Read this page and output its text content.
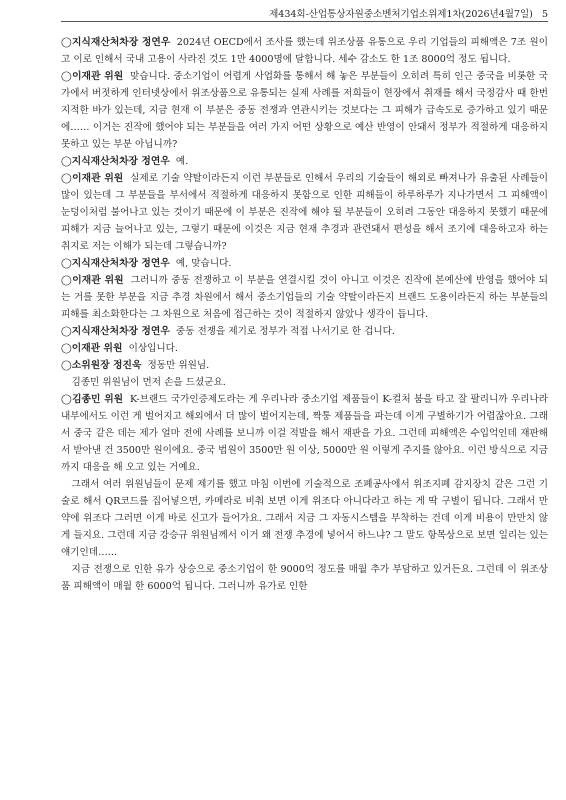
제434회-산업통상자원중소벤처기업소위제1차(2026년4월7일) 5

◯지식재산처차장 정연우 2024년 OECD에서 조사를 했는데 위조상품 유통으로 우리 기업들의 피해액은 7조 원이고 이로 인해서 국내 고용이 사라진 것도 1만 4000명에 달합니다. 세수 감소도 한 1조 8000억 정도 됩니다.

◯이재관 위원 맞습니다. 중소기업이 어렵게 사업화를 통해서 해 놓은 부분들이 오히려 특히 인근 중국을 비롯한 국가에서 버젓하게 인터넷상에서 위조상품으로 유통되는 실제 사례를 저희들이 현장에서 취재를 해서 국정감사 때 한번 지적한 바가 있는데, 지금 현재 이 부분은 중동 전쟁과 연관시키는 것보다는 그 피해가 급속도로 증가하고 있기 때문에…… 이거는 진작에 했어야 되는 부분들을 여러 가지 어떤 상황으로 예산 반영이 안돼서 정부가 적절하게 대응하지 못하고 있는 부분 아닙니까?

◯지식재산처차장 정연우 예.

◯이재관 위원 실제로 기술 약탈이라든지 이런 부분들로 인해서 우리의 기술들이 해외로 빠져나가 유출된 사례들이 많이 있는데 그 부분들을 부서에서 적절하게 대응하지 못함으로 인한 피해들이 하루하루가 지나가면서 그 피해액이 눈덩이처럼 불어나고 있는 것이기 때문에 이 부분은 진작에 해야 될 부분들이 오히려 그동안 대응하지 못했기 때문에 피해가 지금 늘어나고 있는, 그렇기 때문에 이것은 지금 현재 추경과 관련돼서 편성을 해서 조기에 대응하고자 하는 취지로 저는 이해가 되는데 그렇습니까?

◯지식재산처차장 정연우 예, 맞습니다.

◯이재관 위원 그러니까 중동 전쟁하고 이 부분을 연결시킬 것이 아니고 이것은 진작에 본예산에 반영을 했어야 되는 거를 못한 부분을 지금 추경 차원에서 해서 중소기업들의 기술 약탈이라든지 브랜드 도용이라든지 하는 부분들의 피해를 최소화한다는 그 차원으로 처음에 접근하는 것이 적절하지 않았나 생각이 듭니다.

◯지식재산처차장 정연우 중동 전쟁을 제기로 정부가 적접 나서기로 한 겁니다.

◯이재관 위원 이상입니다.

◯소위원장 정진욱 정동만 위원님.

김종민 위원님이 먼저 손을 드셨군요.

◯김종민 위원 K-브랜드 국가인증제도라는 게 우리나라 중소기업 제품들이 K-컬처 붐을 타고 잘 팔리니까 우리나라 내부에서도 이런 게 벌어지고 해외에서 더 많이 벌어지는데, 짝퉁 제품들을 파는데 이게 구별하기가 어렵잖아요. 그래서 중국 같은 데는 제가 얼마 전에 사례를 보니까 이걸 적발을 해서 재판을 가요. 그런데 피해액은 수입억인데 재판해서 받아낸 건 3500만 원이에요. 중국 법원이 3500만 원 이상, 5000만 원 이렇게 주지를 않아요. 이런 방식으로 지금까지 대응을 해 오고 있는 거예요.

그래서 여러 위원님들이 문제 제기를 했고 마침 이번에 기술적으로 조폐공사에서 위조지폐 감지장치 같은 그런 기술로 해서 QR코드를 집어넣으면, 카메라로 비춰 보면 이게 위조다 아니다라고 하는 게 딱 구별이 됩니다. 그래서 만약에 위조다 그러면 이게 바로 신고가 들어가요. 그래서 지금 그 자동시스템을 부착하는 건데 이게 비용이 만만치 않게 들지요. 그런데 지금 강승규 위원님께서 이거 왜 전쟁 추경에 넣어서 하느냐? 그 말도 항목상으로 보면 일리는 있는 얘기인데……

지금 전쟁으로 인한 유가 상승으로 중소기업이 한 9000억 정도를 매월 추가 부담하고 있거든요. 그런데 이 위조상품 피해액이 매월 한 6000억 됩니다. 그러니까 유가로 인한
